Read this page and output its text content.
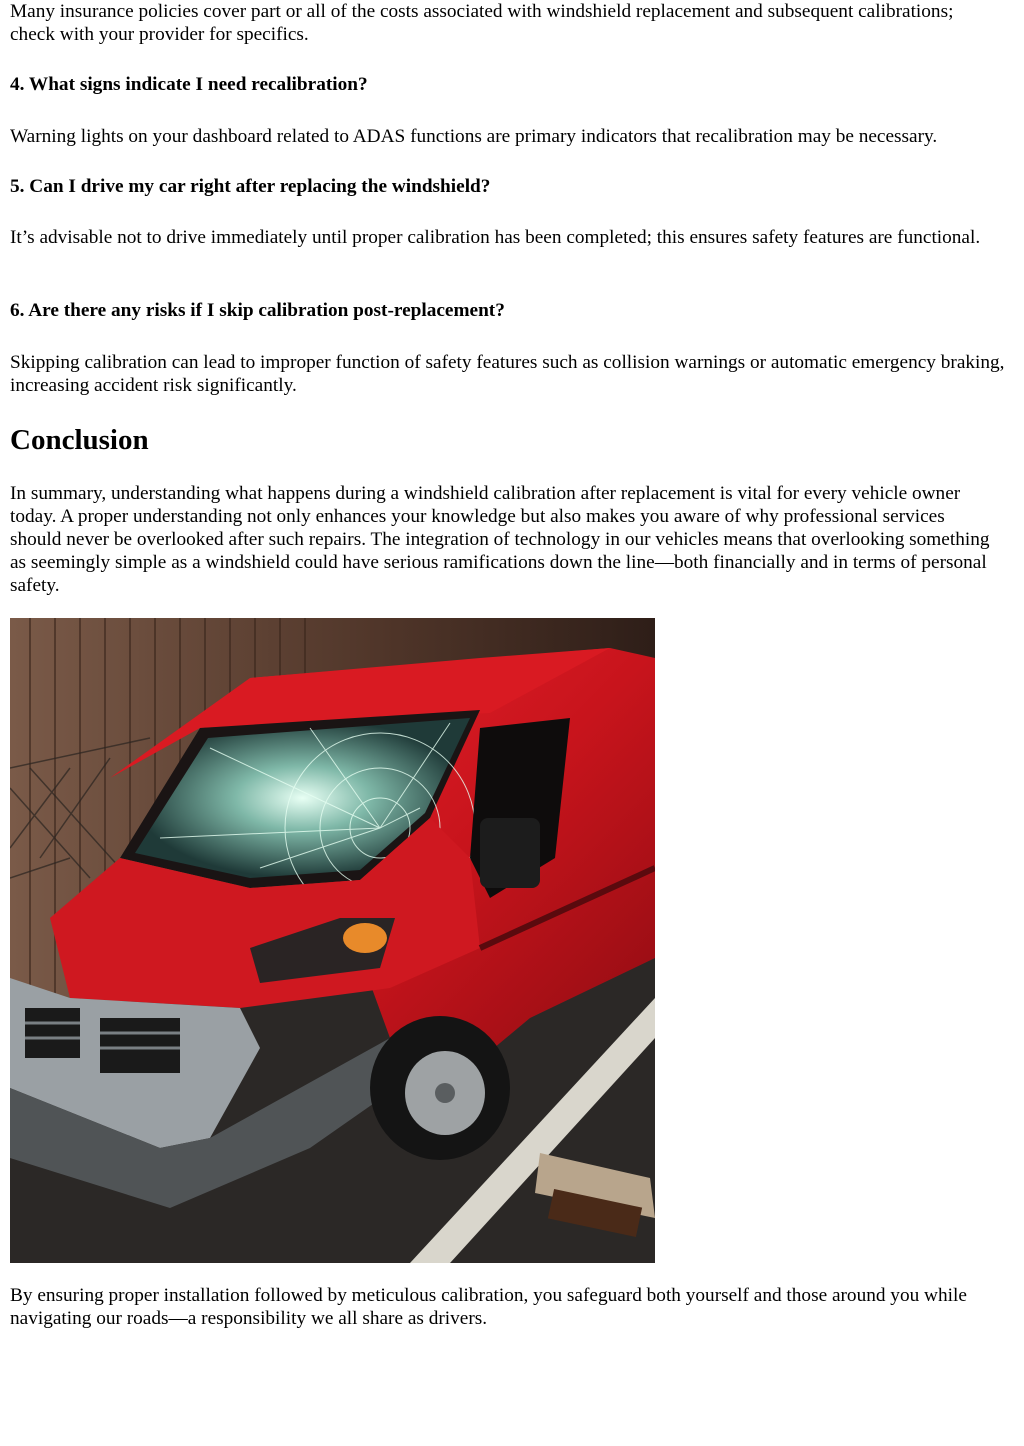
Many insurance policies cover part or all of the costs associated with windshield replacement and subsequent calibrations; check with your provider for specifics.

4. What signs indicate I need recalibration?

Warning lights on your dashboard related to ADAS functions are primary indicators that recalibration may be necessary.

5. Can I drive my car right after replacing the windshield?

It’s advisable not to drive immediately until proper calibration has been completed; this ensures safety features are functional.

6. Are there any risks if I skip calibration post-replacement?

Skipping calibration can lead to improper function of safety features such as collision warnings or automatic emergency braking, increasing accident risk significantly.

Conclusion

In summary, understanding what happens during a windshield calibration after replacement is vital for every vehicle owner today. A proper understanding not only enhances your knowledge but also makes you aware of why professional services should never be overlooked after such repairs. The integration of technology in our vehicles means that overlooking something as seemingly simple as a windshield could have serious ramifications down the line—both financially and in terms of personal safety.

By ensuring proper installation followed by meticulous calibration, you safeguard both yourself and those around you while navigating our roads—a responsibility we all share as drivers.
